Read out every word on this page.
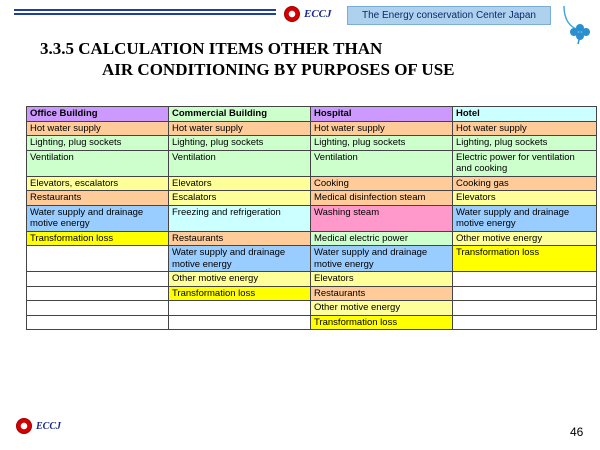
ECCJ	The Energy conservation Center Japan
3.3.5 CALCULATION ITEMS OTHER THAN
AIR CONDITIONING BY PURPOSES OF USE
Office Building	Commercial Building	Hospital	Hotel
Hot water supply	Hot water supply	Hot water supply	Hot water supply
Lighting, plug sockets	Lighting, plug sockets	Lighting, plug sockets	Lighting, plug sockets
Ventilation	Ventilation	Ventilation	Electric power for ventilation and cooking
Elevators, escalators	Elevators	Cooking	Cooking gas
Restaurants	Escalators	Medical disinfection steam	Elevators
Water supply and drainage motive energy	Freezing and refrigeration	Washing steam	Water supply and drainage motive energy
Transformation loss	Restaurants	Medical electric power	Other motive energy
	Water supply and drainage motive energy	Water supply and drainage motive energy	Transformation loss
	Other motive energy	Elevators	
	Transformation loss	Restaurants	
		Other motive energy	
		Transformation loss	
ECCJ	46
